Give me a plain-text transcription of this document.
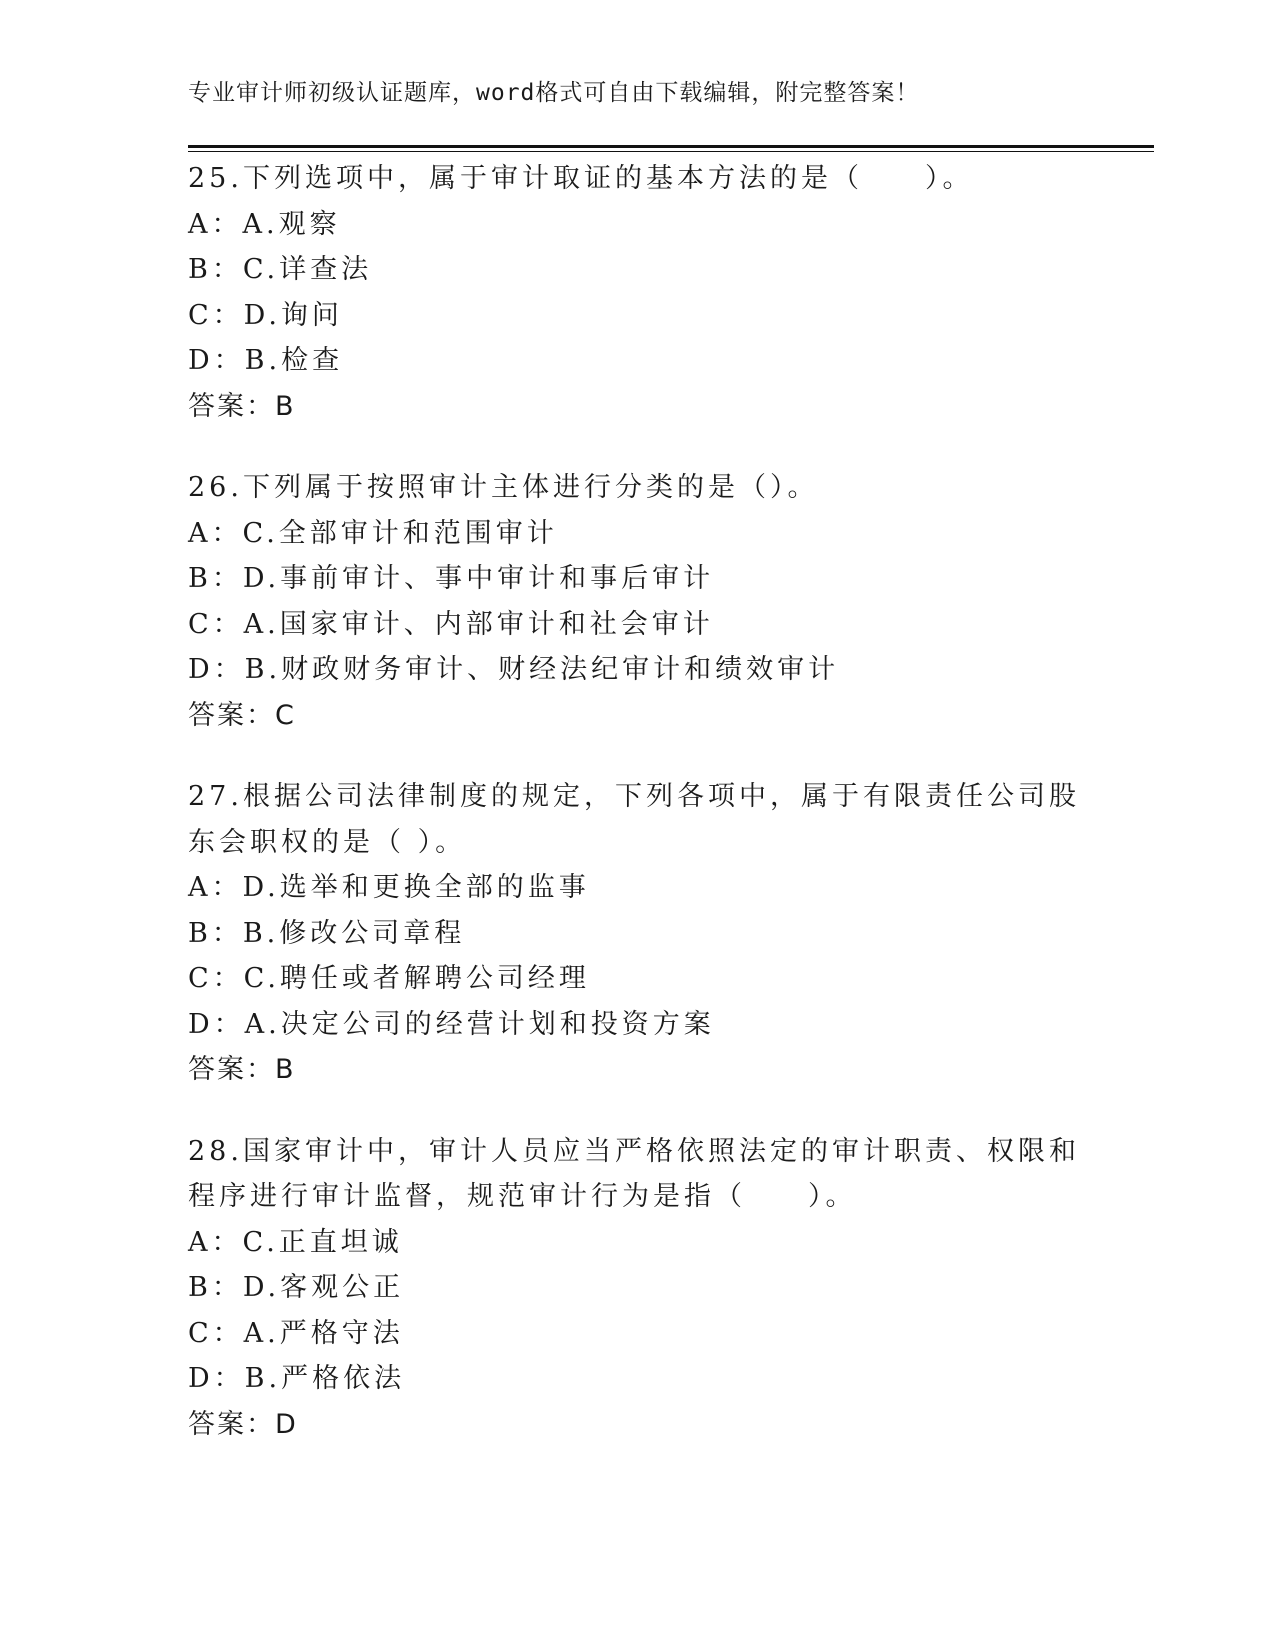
专业审计师初级认证题库，word格式可自由下载编辑，附完整答案！
25.下列选项中，属于审计取证的基本方法的是（　　）。
A：A.观察
B：C.详查法
C：D.询问
D：B.检查
答案：B
26.下列属于按照审计主体进行分类的是（）。
A：C.全部审计和范围审计
B：D.事前审计、事中审计和事后审计
C：A.国家审计、内部审计和社会审计
D：B.财政财务审计、财经法纪审计和绩效审计
答案：C
27.根据公司法律制度的规定，下列各项中，属于有限责任公司股东会职权的是（ ）。
A：D.选举和更换全部的监事
B：B.修改公司章程
C：C.聘任或者解聘公司经理
D：A.决定公司的经营计划和投资方案
答案：B
28.国家审计中，审计人员应当严格依照法定的审计职责、权限和程序进行审计监督，规范审计行为是指（　　）。
A：C.正直坦诚
B：D.客观公正
C：A.严格守法
D：B.严格依法
答案：D
